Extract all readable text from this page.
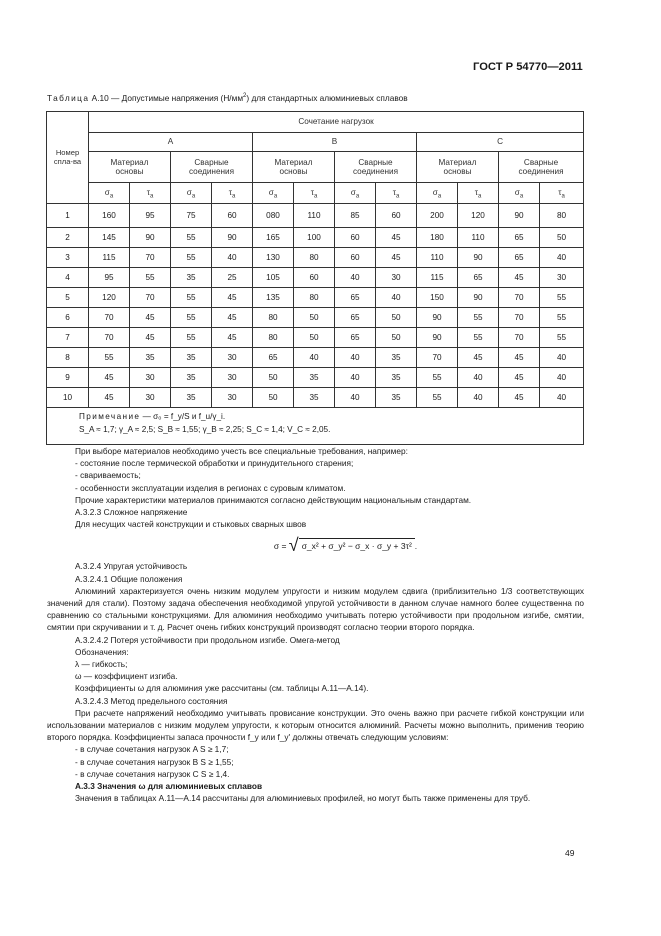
ГОСТ Р 54770—2011
Таблица А.10 — Допустимые напряжения $(Н/мм^2)$ для стандартных алюминиевых сплавов
Номер спла-ва	Сочетание нагрузок											
	A				B				C			
	Материал основы		Сварные соединения		Материал основы		Сварные соединения		Материал основы		Сварные соединения	
	$\sigma_a$	$\tau_a$	$\sigma_a$	$\tau_a$	$\sigma_a$	$\tau_a$	$\sigma_a$	$\tau_a$	$\sigma_a$	$\tau_a$	$\sigma_a$	$\tau_a$
1	160	95	75	60	080	110	85	60	200	120	90	80
2	145	90	55	90	165	100	60	45	180	110	65	50
3	115	70	55	40	130	80	60	45	110	90	65	40
4	95	55	35	25	105	60	40	30	115	65	45	30
5	120	70	55	45	135	80	65	40	150	90	70	55
6	70	45	55	45	80	50	65	50	90	55	70	55
7	70	45	55	45	80	50	65	50	90	55	70	55
8	55	35	35	30	65	40	40	35	70	45	45	40
9	45	30	35	30	50	35	40	35	55	40	45	40
10	45	30	35	30	50	35	40	35	55	40	45	40

Примечание — σ₀ = f_y/S и f_u/γ_i.
S_A ≈ 1,7; γ_A ≈ 2,5; S_B ≈ 1,55; γ_B ≈ 2,25; S_C ≈ 1,4; V_C ≈ 2,05.												

При выборе материалов необходимо учесть все специальные требования, например:

- состояние после термической обработки и принудительного старения;

- свариваемость;

- особенности эксплуатации изделия в регионах с суровым климатом.

Прочие характеристики материалов принимаются согласно действующим национальным стандартам.

А.3.2.3 Сложное напряжение

Для несущих частей конструкции и стыковых сварных швов

σ = √ σ_x² + σ_y² − σ_x · σ_y + 3τ² .

А.3.2.4 Упругая устойчивость

А.3.2.4.1 Общие положения

Алюминий характеризуется очень низким модулем упругости и низким модулем сдвига (приблизительно 1/3 соответствующих значений для стали). Поэтому задача обеспечения необходимой упругой устойчивости в данном случае намного более существенна по сравнению со стальными конструкциями. Для алюминия необходимо учитывать потерю устойчивости при продольном изгибе, смятии, смятии при скручивании и т. д. Расчет очень гибких конструкций производят согласно теории второго порядка.

А.3.2.4.2 Потеря устойчивости при продольном изгибе. Омега-метод

Обозначения:

λ — гибкость;

ω — коэффициент изгиба.

Коэффициенты ω для алюминия уже рассчитаны (см. таблицы А.11—А.14).

А.3.2.4.3 Метод предельного состояния

При расчете напряжений необходимо учитывать провисание конструкции. Это очень важно при расчете гибкой конструкции или использовании материалов с низким модулем упругости, к которым относится алюминий. Расчеты можно выполнить, применив теорию второго порядка. Коэффициенты запаса прочности f_y или f_y' должны отвечать следующим условиям:

- в случае сочетания нагрузок A S ≥ 1,7;

- в случае сочетания нагрузок B S ≥ 1,55;

- в случае сочетания нагрузок C S ≥ 1,4.

А.3.3 Значения ω для алюминиевых сплавов

Значения в таблицах А.11—А.14 рассчитаны для алюминиевых профилей, но могут быть также применены для труб.

49
